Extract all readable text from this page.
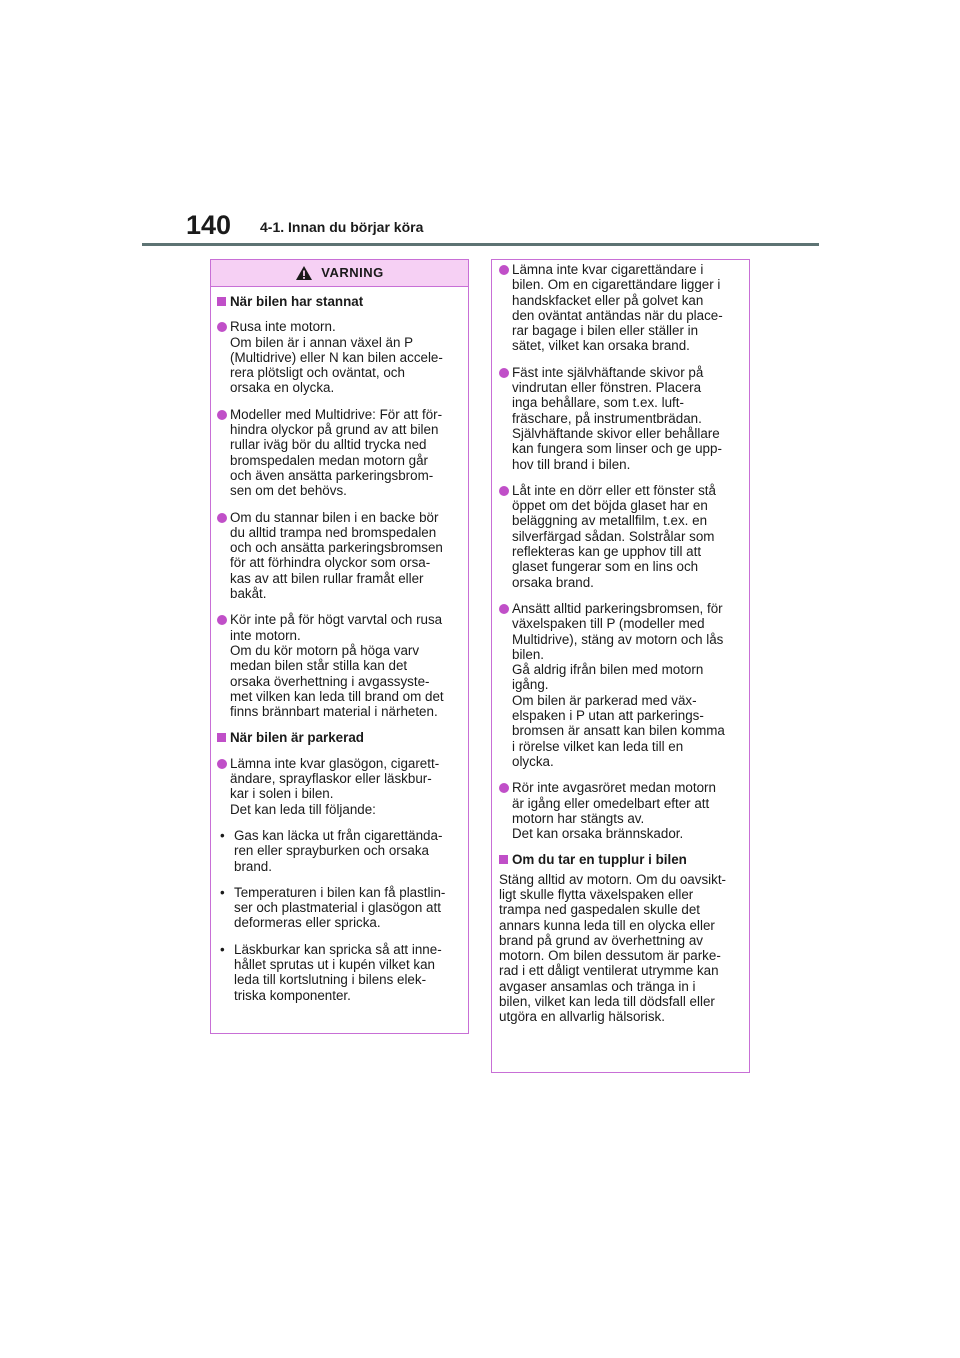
140 4-1. Innan du börjar köra
VARNING
När bilen har stannat
Rusa inte motorn.
Om bilen är i annan växel än P
(Multidrive) eller N kan bilen accele-
rera plötsligt och oväntat, och
orsaka en olycka.
Modeller med Multidrive: För att för-
hindra olyckor på grund av att bilen
rullar iväg bör du alltid trycka ned
bromspedalen medan motorn går
och även ansätta parkeringsbrom-
sen om det behövs.
Om du stannar bilen i en backe bör
du alltid trampa ned bromspedalen
och och ansätta parkeringsbromsen
för att förhindra olyckor som orsa-
kas av att bilen rullar framåt eller
bakåt.
Kör inte på för högt varvtal och rusa
inte motorn.
Om du kör motorn på höga varv
medan bilen står stilla kan det
orsaka överhettning i avgassyste-
met vilken kan leda till brand om det
finns brännbart material i närheten.
När bilen är parkerad
Lämna inte kvar glasögon, cigarett-
ändare, sprayflaskor eller läskbur-
kar i solen i bilen.
Det kan leda till följande:
• Gas kan läcka ut från cigarettända-
ren eller sprayburken och orsaka
brand.
• Temperaturen i bilen kan få plastlin-
ser och plastmaterial i glasögon att
deformeras eller spricka.
• Läskburkar kan spricka så att inne-
hållet sprutas ut i kupén vilket kan
leda till kortslutning i bilens elek-
triska komponenter.
Lämna inte kvar cigarettändare i
bilen. Om en cigarettändare ligger i
handskfacket eller på golvet kan
den oväntat antändas när du place-
rar bagage i bilen eller ställer in
sätet, vilket kan orsaka brand.
Fäst inte självhäftande skivor på
vindrutan eller fönstren. Placera
inga behållare, som t.ex. luft-
fräschare, på instrumentbrädan.
Självhäftande skivor eller behållare
kan fungera som linser och ge upp-
hov till brand i bilen.
Låt inte en dörr eller ett fönster stå
öppet om det böjda glaset har en
beläggning av metallfilm, t.ex. en
silverfärgad sådan. Solstrålar som
reflekteras kan ge upphov till att
glaset fungerar som en lins och
orsaka brand.
Ansätt alltid parkeringsbromsen, för
växelspaken till P (modeller med
Multidrive), stäng av motorn och lås
bilen.
Gå aldrig ifrån bilen med motorn
igång.
Om bilen är parkerad med väx-
elspaken i P utan att parkerings-
bromsen är ansatt kan bilen komma
i rörelse vilket kan leda till en
olycka.
Rör inte avgasröret medan motorn
är igång eller omedelbart efter att
motorn har stängts av.
Det kan orsaka brännskador.
Om du tar en tupplur i bilen
Stäng alltid av motorn. Om du oavsikt-
ligt skulle flytta växelspaken eller
trampa ned gaspedalen skulle det
annars kunna leda till en olycka eller
brand på grund av överhettning av
motorn. Om bilen dessutom är parke-
rad i ett dåligt ventilerat utrymme kan
avgaser ansamlas och tränga in i
bilen, vilket kan leda till dödsfall eller
utgöra en allvarlig hälsorisk.
